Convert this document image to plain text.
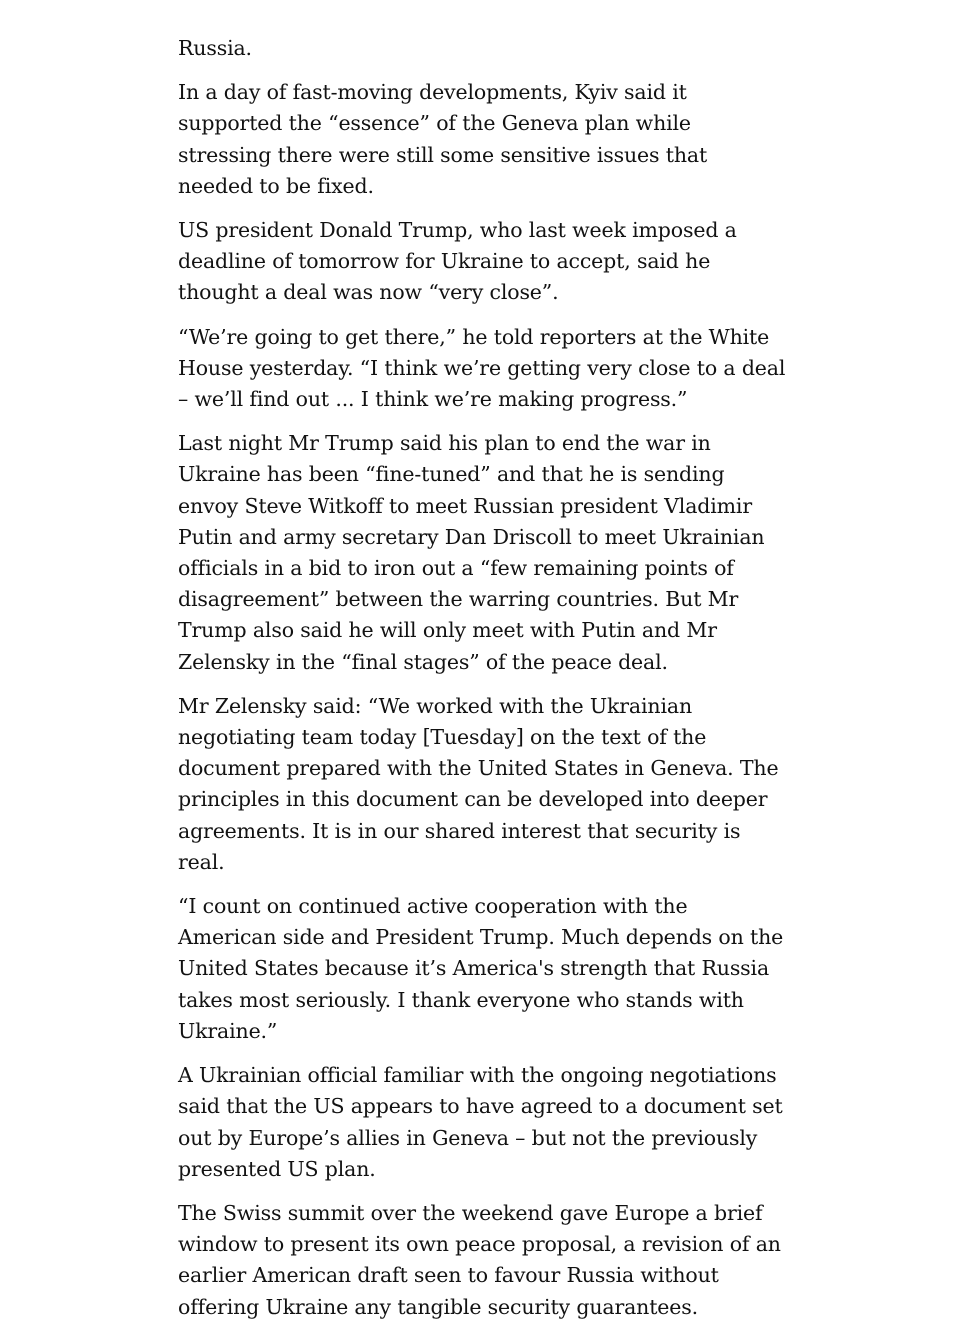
Russia.

In a day of fast-moving developments, Kyiv said it supported the “essence” of the Geneva plan while stressing there were still some sensitive issues that needed to be fixed.

US president Donald Trump, who last week imposed a deadline of tomorrow for Ukraine to accept, said he thought a deal was now “very close”.

“We’re going to get there,” he told reporters at the White House yesterday. “I think we’re getting very close to a deal – we’ll find out ... I think we’re making progress.”

Last night Mr Trump said his plan to end the war in Ukraine has been “fine-tuned” and that he is sending envoy Steve Witkoff to meet Russian president Vladimir Putin and army secretary Dan Driscoll to meet Ukrainian officials in a bid to iron out a “few remaining points of disagreement” between the warring countries. But Mr Trump also said he will only meet with Putin and Mr Zelensky in the “final stages” of the peace deal.

Mr Zelensky said: “We worked with the Ukrainian negotiating team today [Tuesday] on the text of the document prepared with the United States in Geneva. The principles in this document can be developed into deeper agreements. It is in our shared interest that security is real.

“I count on continued active cooperation with the American side and President Trump. Much depends on the United States because it’s America's strength that Russia takes most seriously. I thank everyone who stands with Ukraine.”

A Ukrainian official familiar with the ongoing negotiations said that the US appears to have agreed to a document set out by Europe’s allies in Geneva – but not the previously presented US plan.

The Swiss summit over the weekend gave Europe a brief window to present its own peace proposal, a revision of an earlier American draft seen to favour Russia without offering Ukraine any tangible security guarantees.
